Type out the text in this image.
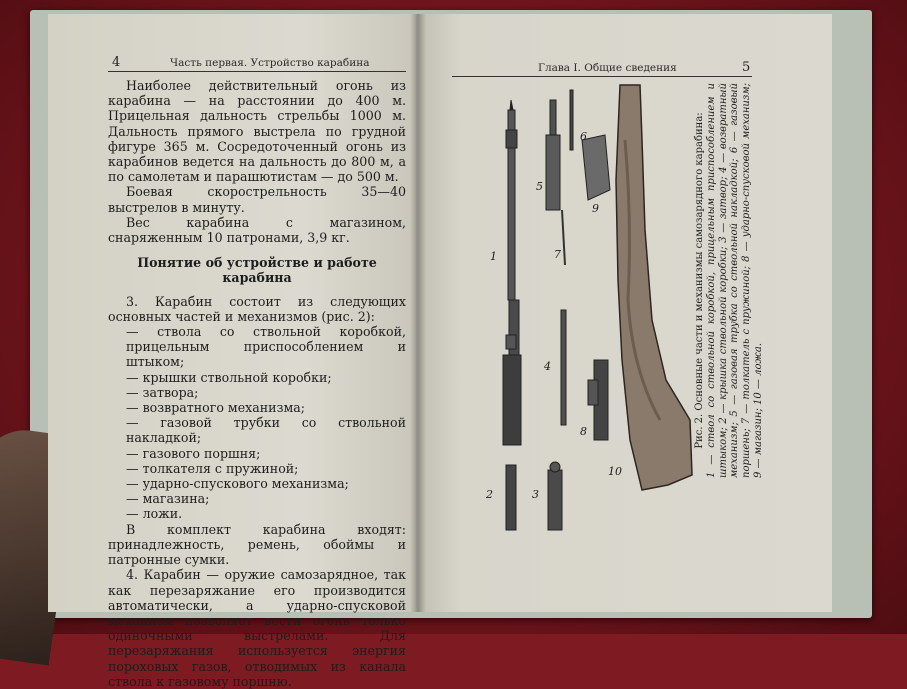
4	Часть первая. Устройство карабина

Наиболее действительный огонь из карабина — на расстоянии до 400 м. Прицельная дальность стрельбы 1000 м. Дальность прямого выстрела по грудной фигуре 365 м. Сосредоточенный огонь из карабинов ведется на дальность до 800 м, а по самолетам и парашютистам — до 500 м.

Боевая скорострельность 35—40 выстрелов в минуту.

Вес карабина с магазином, снаряженным 10 патронами, 3,9 кг.

Понятие об устройстве и работе карабина

3. Карабин состоит из следующих основных частей и механизмов (рис. 2):

— ствола со ствольной коробкой, прицельным приспособлением и штыком;

— крышки ствольной коробки;

— затвора;

— возвратного механизма;

— газовой трубки со ствольной накладкой;

— газового поршня;

— толкателя с пружиной;

— ударно-спускового механизма;

— магазина;

— ложи.

В комплект карабина входят: принадлежность, ремень, обоймы и патронные сумки.

4. Карабин — оружие самозарядное, так как перезаряжание его производится автоматически, а ударно-спусковой механизм позволяет вести огонь только одиночными выстрелами. Для перезаряжания используется энергия пороховых газов, отводимых из канала ствола к газовому поршню.

Глава I. Общие сведения	5
1
2	3
4
5
6
7
8
9
10
Рис. 2. Основные части и механизмы самозарядного карабина: 1 — ствол со ствольной коробкой, прицельным приспособлением и штыком; 2 — крышка ствольной коробки; 3 — затвор; 4 — возвратный механизм; 5 — газовая трубка со ствольной накладкой; 6 — газовый поршень; 7 — толкатель с пружиной; 8 — ударно-спусковой механизм; 9 — магазин; 10 — ложа.
